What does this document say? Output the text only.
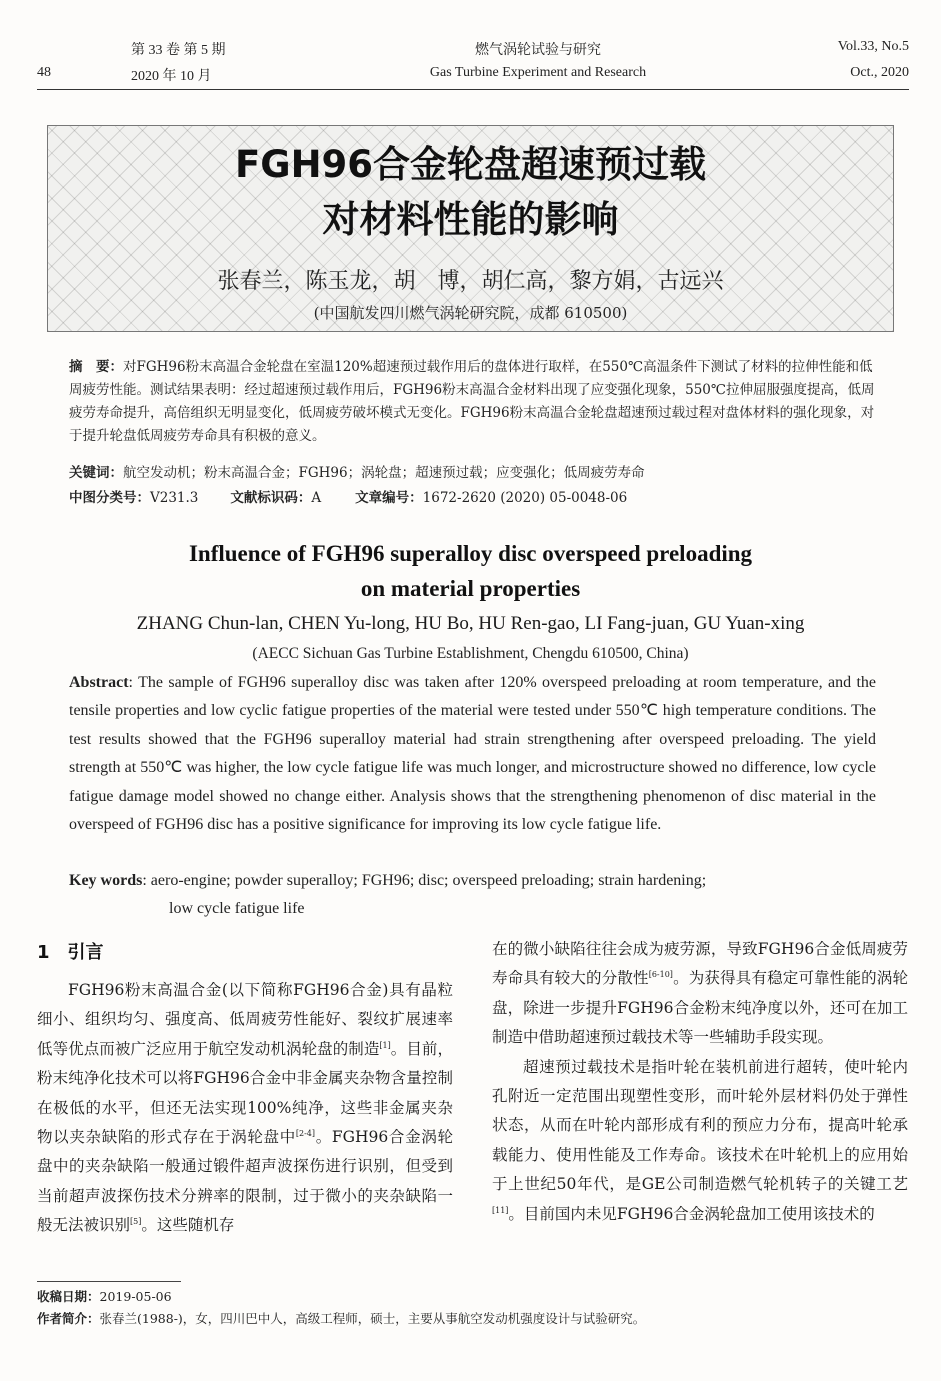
48
第 33 卷 第 5 期
2020 年 10 月
燃气涡轮试验与研究
Gas Turbine Experiment and Research
Vol.33, No.5
Oct., 2020
FGH96合金轮盘超速预过载
对材料性能的影响
张春兰，陈玉龙，胡　博，胡仁高，黎方娟，古远兴
(中国航发四川燃气涡轮研究院，成都 610500)
摘　要：对FGH96粉末高温合金轮盘在室温120%超速预过载作用后的盘体进行取样，在550℃高温条件下测试了材料的拉伸性能和低周疲劳性能。测试结果表明：经过超速预过载作用后，FGH96粉末高温合金材料出现了应变强化现象，550℃拉伸屈服强度提高，低周疲劳寿命提升，高倍组织无明显变化，低周疲劳破坏模式无变化。FGH96粉末高温合金轮盘超速预过载过程对盘体材料的强化现象，对于提升轮盘低周疲劳寿命具有积极的意义。
关键词：航空发动机；粉末高温合金；FGH96；涡轮盘；超速预过载；应变强化；低周疲劳寿命
中图分类号：V231.3 文献标识码：A	文章编号：1672-2620 (2020) 05-0048-06
Influence of FGH96 superalloy disc overspeed preloading
on material properties
ZHANG Chun-lan, CHEN Yu-long, HU Bo, HU Ren-gao, LI Fang-juan, GU Yuan-xing
(AECC Sichuan Gas Turbine Establishment, Chengdu 610500, China)
Abstract: The sample of FGH96 superalloy disc was taken after 120% overspeed preloading at room temperature, and the tensile properties and low cyclic fatigue properties of the material were tested under 550℃ high temperature conditions. The test results showed that the FGH96 superalloy material had strain strengthening after overspeed preloading. The yield strength at 550℃ was higher, the low cycle fatigue life was much longer, and microstructure showed no difference, low cycle fatigue damage model showed no change either. Analysis shows that the strengthening phenomenon of disc material in the overspeed of FGH96 disc has a positive significance for improving its low cycle fatigue life.
Key words: aero-engine; powder superalloy; FGH96; disc; overspeed preloading; strain hardening;
low cycle fatigue life
1　引言

FGH96粉末高温合金(以下简称FGH96合金)具有晶粒细小、组织均匀、强度高、低周疲劳性能好、裂纹扩展速率低等优点而被广泛应用于航空发动机涡轮盘的制造[1]。目前，粉末纯净化技术可以将FGH96合金中非金属夹杂物含量控制在极低的水平，但还无法实现100%纯净，这些非金属夹杂物以夹杂缺陷的形式存在于涡轮盘中[2-4]。FGH96合金涡轮盘中的夹杂缺陷一般通过锻件超声波探伤进行识别，但受到当前超声波探伤技术分辨率的限制，过于微小的夹杂缺陷一般无法被识别[5]。这些随机存

在的微小缺陷往往会成为疲劳源，导致FGH96合金低周疲劳寿命具有较大的分散性[6-10]。为获得具有稳定可靠性能的涡轮盘，除进一步提升FGH96合金粉末纯净度以外，还可在加工制造中借助超速预过载技术等一些辅助手段实现。

超速预过载技术是指叶轮在装机前进行超转，使叶轮内孔附近一定范围出现塑性变形，而叶轮外层材料仍处于弹性状态，从而在叶轮内部形成有利的预应力分布，提高叶轮承载能力、使用性能及工作寿命。该技术在叶轮机上的应用始于上世纪50年代，是GE公司制造燃气轮机转子的关键工艺[11]。目前国内未见FGH96合金涡轮盘加工使用该技术的

收稿日期：2019-05-06
作者简介：张春兰(1988-)，女，四川巴中人，高级工程师，硕士，主要从事航空发动机强度设计与试验研究。
